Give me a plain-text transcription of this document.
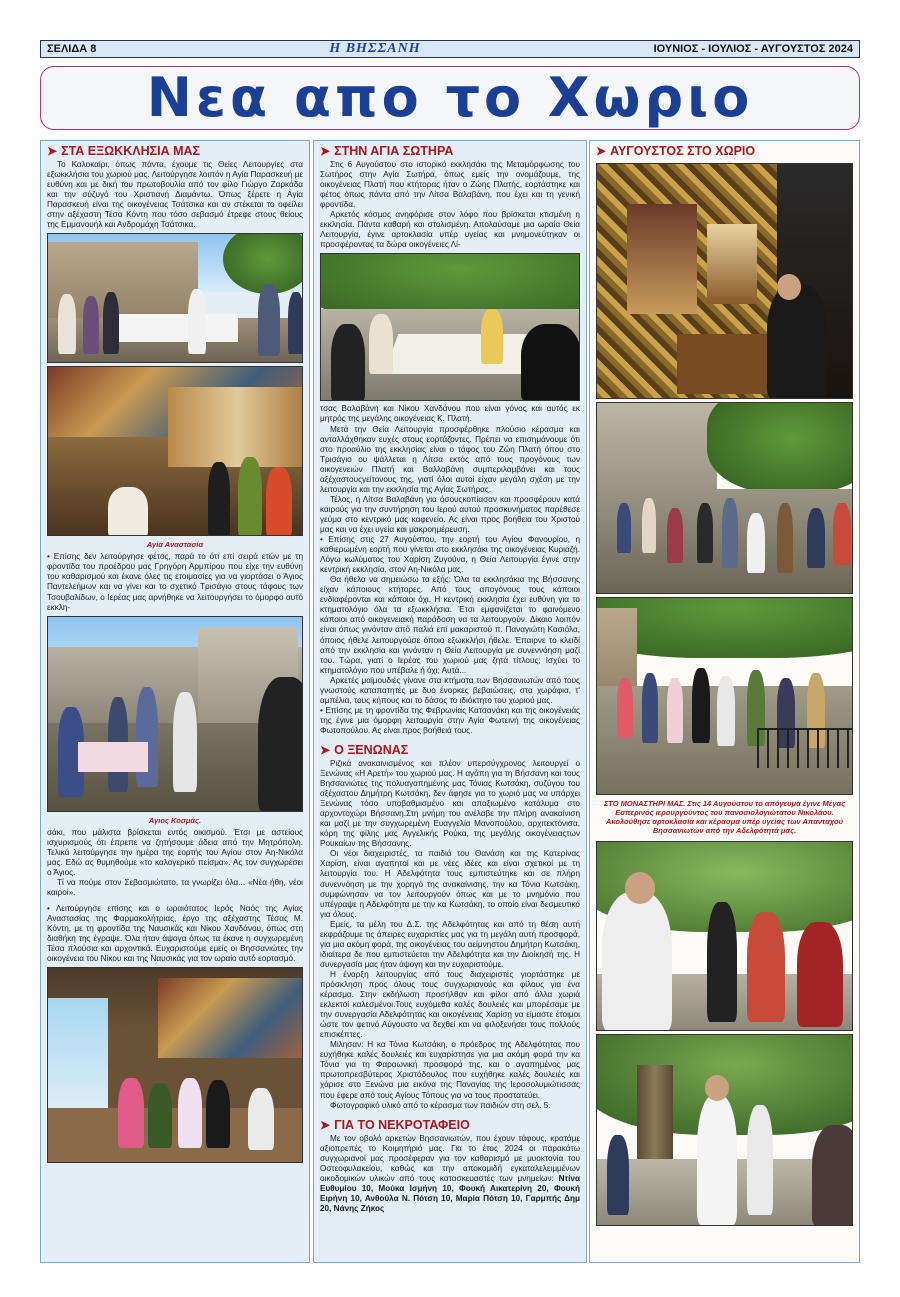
ΣΕΛΙΔΑ 8	Η ΒΗΣΣΑΝΗ	ΙΟΥΝΙΟΣ - ΙΟΥΛΙΟΣ - ΑΥΓΟΥΣΤΟΣ 2024
Νεα απο το Χωριο
➤ ΣΤΑ ΕΞΩΚΚΛΗΣΙΑ ΜΑΣ

Το Καλοκαίρι, όπως πάντα, έχουμε τις Θείες Λειτουργίες στα εξωκκλήσια του χωριού μας. Λειτούργησε λοιπόν η Αγία Παρασκευή με ευθύνη και με δική του πρωτοβουλία από τον φίλο Γιώργο Ζαρκάδα και την σύζυγό του Χριστιανή Διαμάντω. Όπως ξέρετε η Αγία Παρασκευή είναι της οικογένειας Τσάτσικα και αν στέκεται το οφείλει στην αξέχαστη Τέσα Κόντη που τόσο σεβασμό έτρεφε στους θείους της Εμμανουήλ και Ανδρομάχη Τσάτσικα.

Αγία Αναστασία

• Επίσης δεν λειτούργησε φέτος, παρά το ότι επί σειρά ετών με τη φροντίδα του προέδρου μας Γρηγόρη Αρμπίρου που είχε την ευθύνη του καθαρισμού και έκανε όλες τις ετοιμασίες για να γιορτάσει ο Άγιος Παντελεήμων και να γίνει και το σχετικό Τρισάγιο στους τάφους των Τσουβαλίδων, ο Ιερέας μας αρνήθηκε να λειτουργήσει το όμορφο αυτό εκκλη-

Άγιος Κοσμάς.

σάκι, που μάλιστα βρίσκεται εντός οικισμού. Έτσι με αστείους ισχυρισμούς ότι έπρεπε να ζητήσουμε άδεια από την Μητρόπολη. Τελικά λειτούργησε την ημέρα της εορτής του Αγίου στον Αη-Νικόλα μας. Εδώ ας θυμηθούμε «το καλογερικό πείσμα». Ας τον συγχωρέσει ο Άγιος.

Τί να πούμε στον Σεβασμιώτατο, τα γνωρίζει όλα... «Νέα ήθη, νέοι καιροί».

• Λειτούργησε επίσης και ο ωραιότατος Ιερός Ναός της Αγίας Αναστασίας της Φαρμακολήτριας, έργο της αξέχαστης Τέσας Μ. Κόντη, με τη φροντίδα της Ναυσικάς και Νίκου Χανδάνου, όπως στη διαθήκη της έγραψε. Όλα ήταν άψογα όπως τα έκανε η συγχωρεμένη Τέσα πλούσια και αρχοντικά. Ευχαριστούμε εμείς οι Βησσανιώτες την οικογένεια του Νίκου και της Ναυσικάς για τον ωραίο αυτό εορτασμό.

➤ ΣΤΗΝ ΑΓΙΑ ΣΩΤΗΡΑ

Στις 6 Αυγούστου στο ιστορικό εκκλησάκι της Μεταμόρφωσης του Σωτήρος στην Αγία Σωτήρα, όπως εμείς την ονομάζουμε, της οικογένειας Πλατή που κτήτορας ήταν ο Ζώης Πλατής, εορτάστηκε και φέτος όπως πάντα από την Λίτσα Βαλαβάνη, που έχει και τη γενική φροντίδα.

Αρκετός κόσμος ανηφόρισε στον λόφο που βρίσκεται κτισμένη η εκκλησία. Πάντα καθαρή και στολισμένη. Απολαύσαμε μια ωραία Θεία Λειτουργία, έγινε αρτοκλασία υπέρ υγείας και μνημονεύτηκαν οι προσφέροντας τα δώρα οικογένειες Λί-

τσας Βαλαβάνη και Νίκου Χανδάνου που είναι γόνος και αυτός εκ μητρός της μεγάλης οικογένειας Κ. Πλατή.

Μετά την Θεία Λειτουργία προσφέρθηκε πλούσιο κέρασμα και ανταλλάχθηκαν ευχές στους εορτάζοντες. Πρέπει να επισημάνουμε ότι στο προαύλιο της εκκλησίας είναι ο τάφος του Ζώη Πλατή όπου στο Τρισάγιο ου ψάλλεται η Λίτσα εκτός από τους προγόνους των οικογενειών Πλατή και Βαλλαβάνη συμπεριλαμβάνει και τους αξέχαστουςγείτονους της, γιατί όλοι αυτοί είχαν μεγάλη σχέση με την λειτουργία και την εκκλησία της Αγίας Σωτήρας.

Τέλος, η Λίτσα Βαλαβάνη για όσουςκοπίασαν και προσφέρουν κατά καιρούς για την συντήρηση του Ιερού αυτού προσκυνήματος παρέθεσε γεύμα στο κεντρικό μας καφενείο. Ας είναι προς βοήθεια του Χριστού μας και να έχει υγεία και μακροημέρευση.

• Επίσης στις 27 Αυγούστου, την εορτή του Αγίου Φανουρίου, η καθιερωμένη εορτή που γίνεται στο εκκλησάκι της οικογένειας Κυριαζή. Λόγω κωλύματος του Χαρίση Ζυγούνα, η Θεία Λειτουργία έγινε στην κεντρική εκκλησία, στον Αη-Νικόλα μας.

Θα ήθελα να σημειώσω τα εξής: Όλα τα εκκλησάκια της Βήσσανης είχαν κάποιους κτήτορες. Από τους απογόνους τους κάποιοι ενδιαφέρονται και κάποιοι όχι. Η κεντρική εκκλησία έχει ευθύνη για το κτηματολόγιο όλα τα εξωκκλήσια. Έτσι εμφανίζεται το φαινόμενο κάποιοι από οικογενειακή παράδοση να τα λειτουργούν. Δίκαιο λοιπόν είναι όπως γινόνταν από παλιά επί μακαριστού π. Παναγιώτη Κασιόλα, όποιος ήθελε λειτουργούσε όποιο εξωκκλήσι ήθελε. Έπαιρνε το κλειδί από την εκκλησία και γινόνταν η Θεία Λειτουργία με συνεννόηση μαζί του. Τώρα, γιατί ο Ιερέας του χωριού μας ζητά τίτλους; Ισχύει το κτηματολόγιο που υπέβαλε ή όχι; Αυτά...

Αρκετές μαϊμουδιές γίνανε στα κτήματα των Βησσανιωτών από τους γνωστούς καταπατητές με δυο ένορκες βεβαιώσεις, στα χωράφια, τ' αμπέλια, τους κήπους και το δάσος το ιδιόκτητο του χωριού μας.

• Επίσης με τη φροντίδα της Φεβρωνίας Κατσανάκη και της οικογένειάς της έγινε μια όμορφη λειτουργία στην Αγία Φωτεινή της οικογένειας Φωτοπούλου. Ας είναι προς βοήθειά τους.

➤ Ο ΞΕΝΩΝΑΣ

Ριζικά ανακαινισμένος και πλέον υπερσύγχρονος λειτουργεί ο Ξενώνας «Η Αρετή» του χωριού μας. Η αγάπη για τη Βήσσανη και τους Βησσανιώτες της πολυαγαπημένης μας Τόνιας Κωτσάκη, συζύγου του αξέχαστου Δημήτρη Κωτσάκη, δεν άφησε για το χωριό μας να υπάρχει Ξενώνας τόσο υποβαθμισμένο και απαξιωμένο κατάλυμα στο αρχοντοχώρι Βήσσανη.Στη μνήμη του ανέλαβε την πλήρη ανακαίνιση και μαζί με την συγχωρεμένη Ευαγγελία Μανοπούλου, αρχιτεκτόνισα, κόρη της φίλης μας Αγγελικής Ρούκα, της μεγάλης οικογένειαςτων Ρουκαίων της Βήσσανης.

Οι νέοι διαχειριστές, τα παιδιά του Θανάση και της Κατερίνας Χαρίση, είναι αγαπητοί και με νέες ιδέες και είναι σχετικοί με τη λειτουργία του. Η Αδελφότητα τους εμπιστεύτηκε και σε πλήρη συνεννόηση με την χορηγό της ανακαίνισης, την κα Τόνια Κωτσάκη, συμφώνησαν να τον λειτουργούν όπως και με το μνημόνιο που υπέγραψε η Αδελφότητα με την κα Κωτσάκη, το οποίο είναι δεσμευτικό για όλους.

Εμείς, τα μέλη του Δ.Σ. της Αδελφότητας και από τη θέση αυτή εκφράζουμε τις άπειρες ευχαριστίες μας για τη μεγάλη αυτή προσφορά, για μια ακόμη φορά, της οικογένειας του αείμνηστου Δημήτρη Κωτσάκη, ιδιαίτερα δε που εμπιστεύεται την Αδελφότητα και την Διοίκησή της. Η συνεργασία μας ήταν άψογη και την ευχαριστούμε.

Η έναρξη λειτουργίας από τους διαχειριστές γιορτάστηκε με πρόσκληση προς όλους τους συγχωριανούς και φίλους για ένα κέρασμα. Στην εκδήλωση προσήλθαν και φίλοι από άλλα χωριά εκλεκτοί καλεσμένοι.Τους ευχόμεθα καλές δουλειές και μπορέσαμε με την συνεργασία Αδελφότητας και οικογένειας Χαρίση να είμαστε έτοιμοι ώστε τον φετινό Αύγουστο να δεχθεί και να φιλοξενήσει τους πολλούς επισκέπτες.

Μιλησαν: Η κα Τόνια Κωτσάκη, ο πρόεδρος της Αδελφότητας που ευχήθηκε καλές δουλειές και ευχαρίστησε για μια ακόμη φορά την κα Τόνια για τη Φαραωνική προσφορά της, και ο αγαπημένος μας πρωτοπρεσβύτερος Χριστόδουλος που ευχήθηκε καλές δουλειές και χάρισε στο Ξενώνα μια εικόνα της Παναγίας της Ιεροσολυμιώτισσας που έφερε από τους Αγίους Τόπους για να τους προστατεύει.

Φωτογραφικό υλικό από το κέρασμα των παιδιών στη σελ. 5.

➤ ΓΙΑ ΤΟ ΝΕΚΡΟΤΑΦΕΙΟ

Με τον οβολό αρκετών Βησσανιωτών, που έχουν τάφους, κρατάμε αξιοπρεπές το Κοιμητήριό μας. Για το έτος 2024 οι παρακάτω συγχωριανοί μας προσέφεραν για τον καθαρισμό με μυοκτονία του Οστεοφυλακείου, καθώς και την αποκομιδή εγκαταλελειμμένων οικοδομικών υλικών από τους κατασκευαστές των μνημείων: Ντίνα Ευθυμίου 10, Μούκα Ισμήνη 10, Φουκή Αικατερίνη 20, Φουκή Ειρήνη 10, Ανθούλα Ν. Πότση 10, Μαρία Πότση 10, Γαρμπής Δημ 20, Νάνης Ζήκος

➤ ΑΥΓΟΥΣΤΟΣ ΣΤΟ ΧΩΡΙΟ
ΣΤΟ ΜΟΝΑΣΤΗΡΙ ΜΑΣ. Στις 14 Αυγούστου το απόγευμα έγινε Μέγας Εσπερινός ιερουργούντος του πανοσιολογιώτατου Νικολάου. Ακολούθησε αρτοκλασία και κέρασμα υπέρ υγείας των Απανταχού Βησσανιωτών από την Αδελφότητά μας.
